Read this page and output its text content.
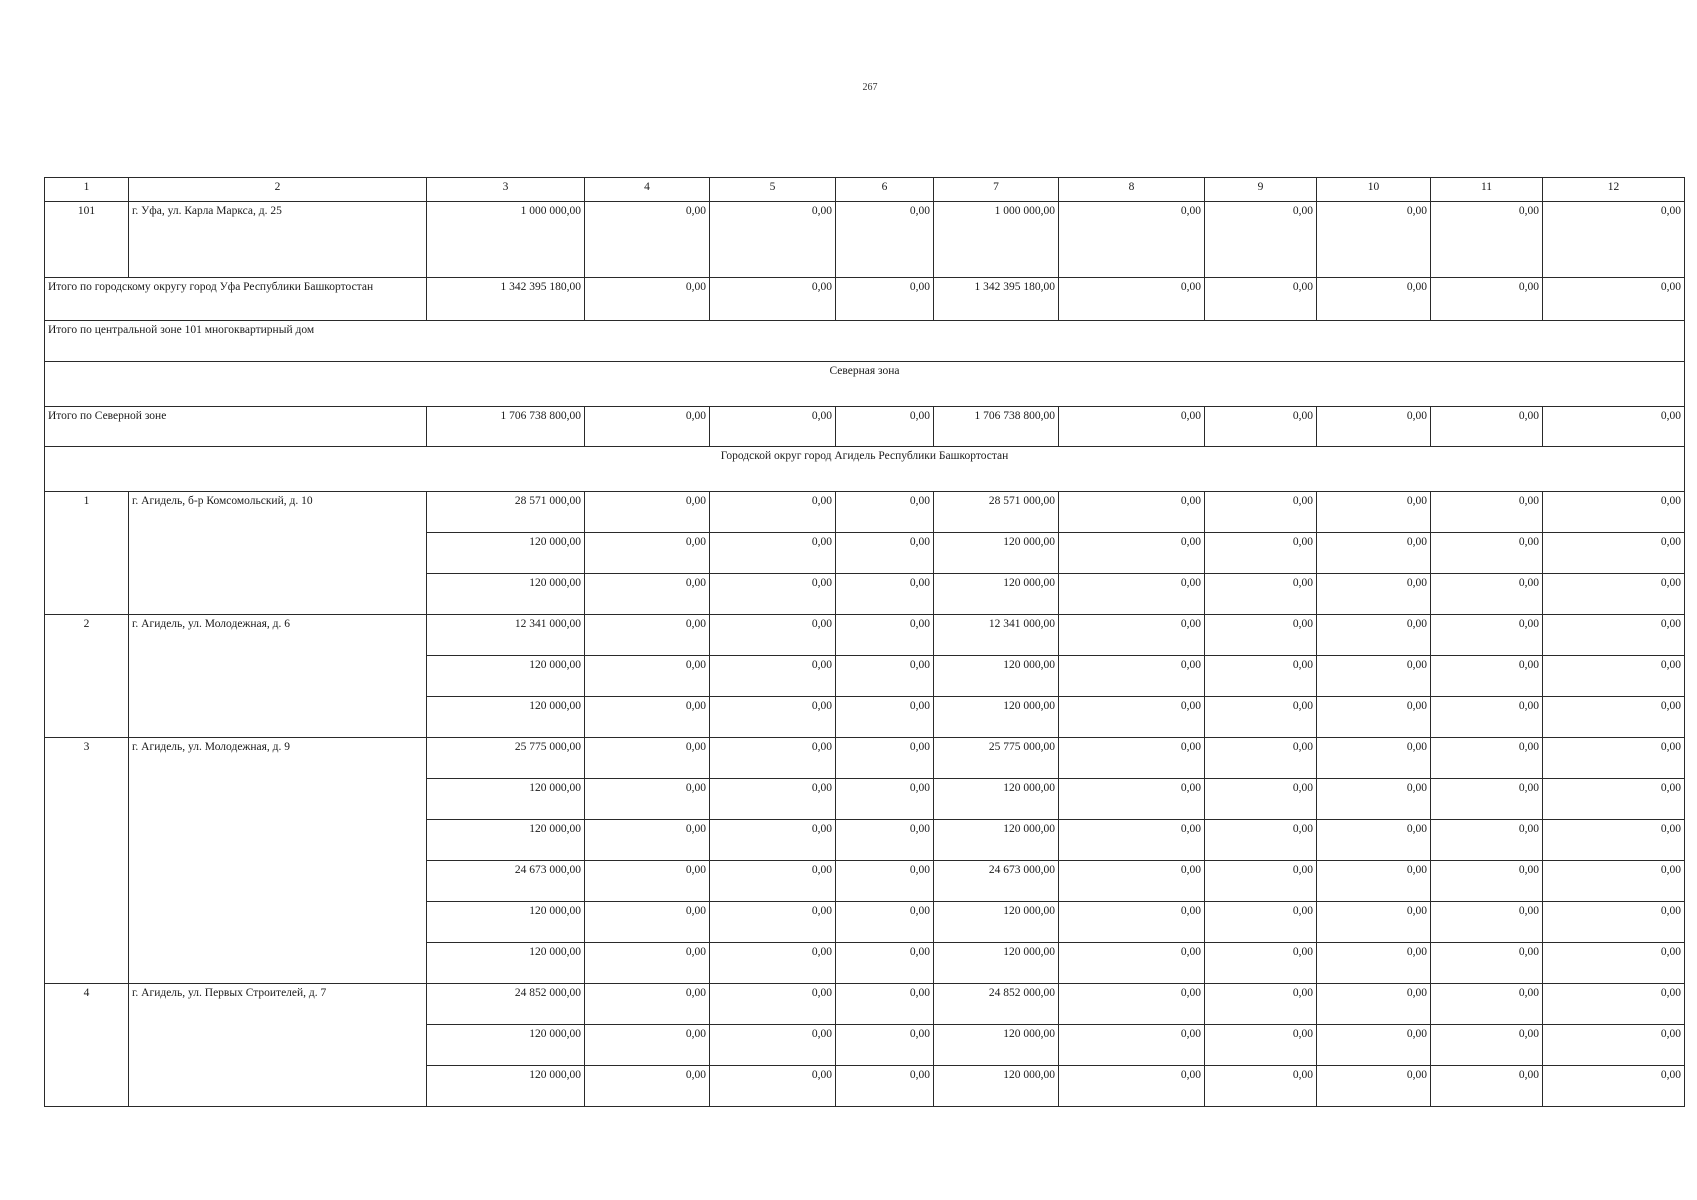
267
1	2	3	4	5	6	7	8	9	10	11	12
101	г. Уфа, ул. Карла Маркса, д. 25	1 000 000,00	0,00	0,00	0,00	1 000 000,00	0,00	0,00	0,00	0,00	0,00
Итого по городскому округу город Уфа Республики Башкортостан		1 342 395 180,00	0,00	0,00	0,00	1 342 395 180,00	0,00	0,00	0,00	0,00	0,00
Итого по центральной зоне 101 многоквартирный дом											
Северная зона											
Итого по Северной зоне		1 706 738 800,00	0,00	0,00	0,00	1 706 738 800,00	0,00	0,00	0,00	0,00	0,00
Городской округ город Агидель Республики Башкортостан											
1	г. Агидель, б-р Комсомольский, д. 10	28 571 000,00	0,00	0,00	0,00	28 571 000,00	0,00	0,00	0,00	0,00	0,00
		120 000,00	0,00	0,00	0,00	120 000,00	0,00	0,00	0,00	0,00	0,00
		120 000,00	0,00	0,00	0,00	120 000,00	0,00	0,00	0,00	0,00	0,00
2	г. Агидель, ул. Молодежная, д. 6	12 341 000,00	0,00	0,00	0,00	12 341 000,00	0,00	0,00	0,00	0,00	0,00
		120 000,00	0,00	0,00	0,00	120 000,00	0,00	0,00	0,00	0,00	0,00
		120 000,00	0,00	0,00	0,00	120 000,00	0,00	0,00	0,00	0,00	0,00
3	г. Агидель, ул. Молодежная, д. 9	25 775 000,00	0,00	0,00	0,00	25 775 000,00	0,00	0,00	0,00	0,00	0,00
		120 000,00	0,00	0,00	0,00	120 000,00	0,00	0,00	0,00	0,00	0,00
		120 000,00	0,00	0,00	0,00	120 000,00	0,00	0,00	0,00	0,00	0,00
		24 673 000,00	0,00	0,00	0,00	24 673 000,00	0,00	0,00	0,00	0,00	0,00
		120 000,00	0,00	0,00	0,00	120 000,00	0,00	0,00	0,00	0,00	0,00
		120 000,00	0,00	0,00	0,00	120 000,00	0,00	0,00	0,00	0,00	0,00
4	г. Агидель, ул. Первых Строителей, д. 7	24 852 000,00	0,00	0,00	0,00	24 852 000,00	0,00	0,00	0,00	0,00	0,00
		120 000,00	0,00	0,00	0,00	120 000,00	0,00	0,00	0,00	0,00	0,00
		120 000,00	0,00	0,00	0,00	120 000,00	0,00	0,00	0,00	0,00	0,00
